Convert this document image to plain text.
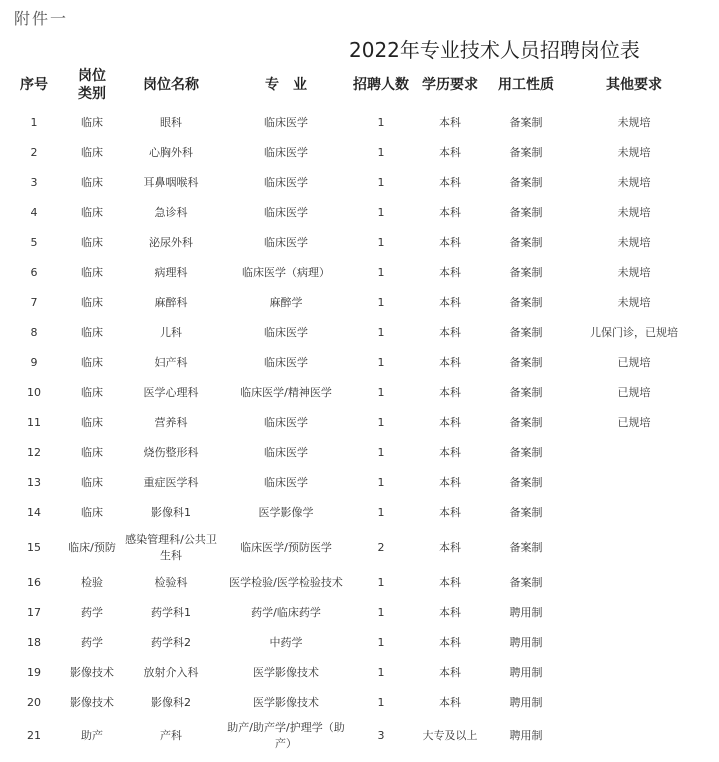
附件一
2022年专业技术人员招聘岗位表
序号	岗位类别	岗位名称	专　业	招聘人数	学历要求	用工性质	其他要求
1	临床	眼科	临床医学	1	本科	备案制	未规培
2	临床	心胸外科	临床医学	1	本科	备案制	未规培
3	临床	耳鼻咽喉科	临床医学	1	本科	备案制	未规培
4	临床	急诊科	临床医学	1	本科	备案制	未规培
5	临床	泌尿外科	临床医学	1	本科	备案制	未规培
6	临床	病理科	临床医学（病理）	1	本科	备案制	未规培
7	临床	麻醉科	麻醉学	1	本科	备案制	未规培
8	临床	儿科	临床医学	1	本科	备案制	儿保门诊，已规培
9	临床	妇产科	临床医学	1	本科	备案制	已规培
10	临床	医学心理科	临床医学/精神医学	1	本科	备案制	已规培
11	临床	营养科	临床医学	1	本科	备案制	已规培
12	临床	烧伤整形科	临床医学	1	本科	备案制	
13	临床	重症医学科	临床医学	1	本科	备案制	
14	临床	影像科1	医学影像学	1	本科	备案制	
15	临床/预防	感染管理科/公共卫生科	临床医学/预防医学	2	本科	备案制	
16	检验	检验科	医学检验/医学检验技术	1	本科	备案制	
17	药学	药学科1	药学/临床药学	1	本科	聘用制	
18	药学	药学科2	中药学	1	本科	聘用制	
19	影像技术	放射介入科	医学影像技术	1	本科	聘用制	
20	影像技术	影像科2	医学影像技术	1	本科	聘用制	
21	助产	产科	助产/助产学/护理学（助产）	3	大专及以上	聘用制	
